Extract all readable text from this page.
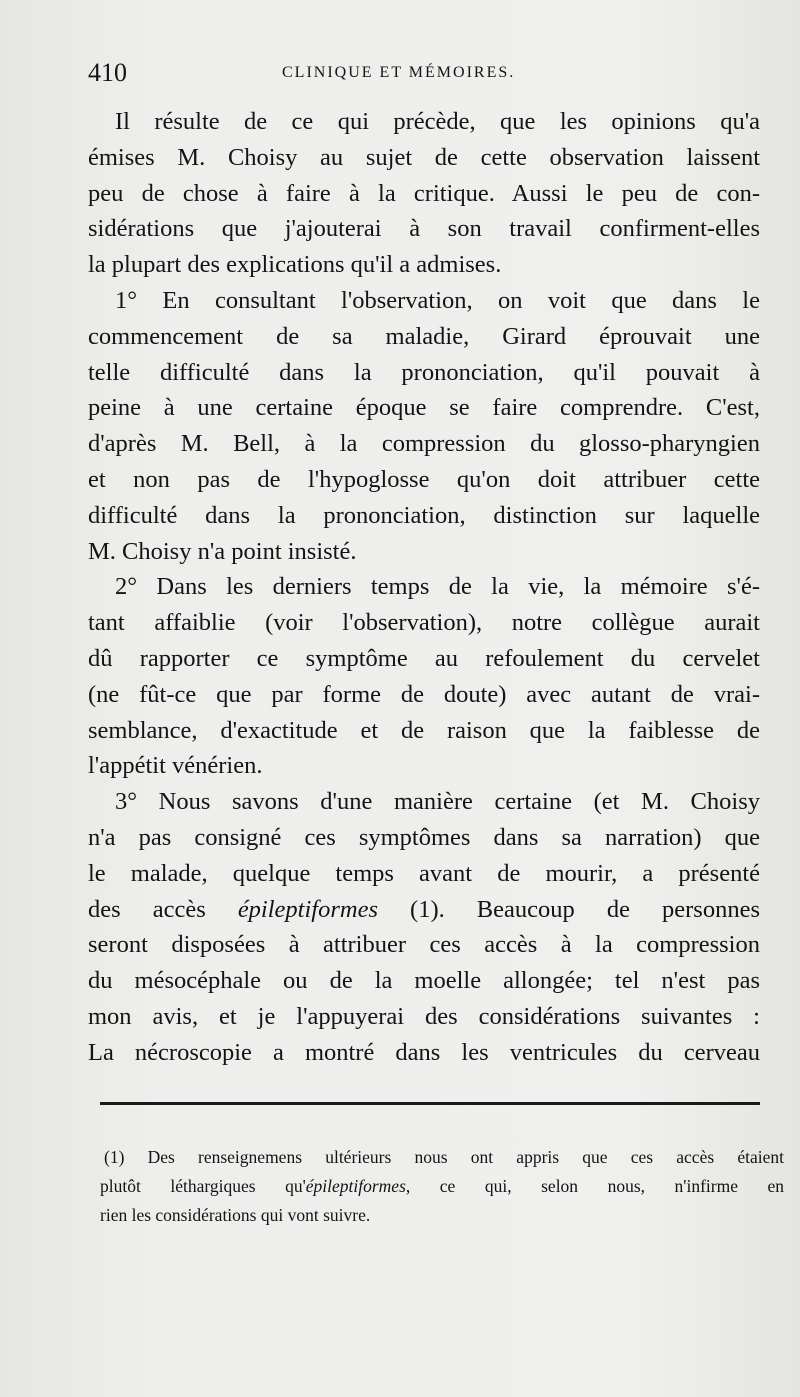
410	CLINIQUE ET MÉMOIRES.
Il résulte de ce qui précède, que les opinions qu'a
émises M. Choisy au sujet de cette observation laissent
peu de chose à faire à la critique. Aussi le peu de con-
sidérations que j'ajouterai à son travail confirment-elles
la plupart des explications qu'il a admises.
1° En consultant l'observation, on voit que dans le
commencement de sa maladie, Girard éprouvait une
telle difficulté dans la prononciation, qu'il pouvait à
peine à une certaine époque se faire comprendre. C'est,
d'après M. Bell, à la compression du glosso-pharyngien
et non pas de l'hypoglosse qu'on doit attribuer cette
difficulté dans la prononciation, distinction sur laquelle
M. Choisy n'a point insisté.
2° Dans les derniers temps de la vie, la mémoire s'é-
tant affaiblie (voir l'observation), notre collègue aurait
dû rapporter ce symptôme au refoulement du cervelet
(ne fût-ce que par forme de doute) avec autant de vrai-
semblance, d'exactitude et de raison que la faiblesse de
l'appétit vénérien.
3° Nous savons d'une manière certaine (et M. Choisy
n'a pas consigné ces symptômes dans sa narration) que
le malade, quelque temps avant de mourir, a présenté
des accès épileptiformes (1). Beaucoup de personnes
seront disposées à attribuer ces accès à la compression
du mésocéphale ou de la moelle allongée; tel n'est pas
mon avis, et je l'appuyerai des considérations suivantes :
La nécroscopie a montré dans les ventricules du cerveau
(1) Des renseignemens ultérieurs nous ont appris que ces accès étaient
plutôt léthargiques qu'épileptiformes, ce qui, selon nous, n'infirme en
rien les considérations qui vont suivre.
